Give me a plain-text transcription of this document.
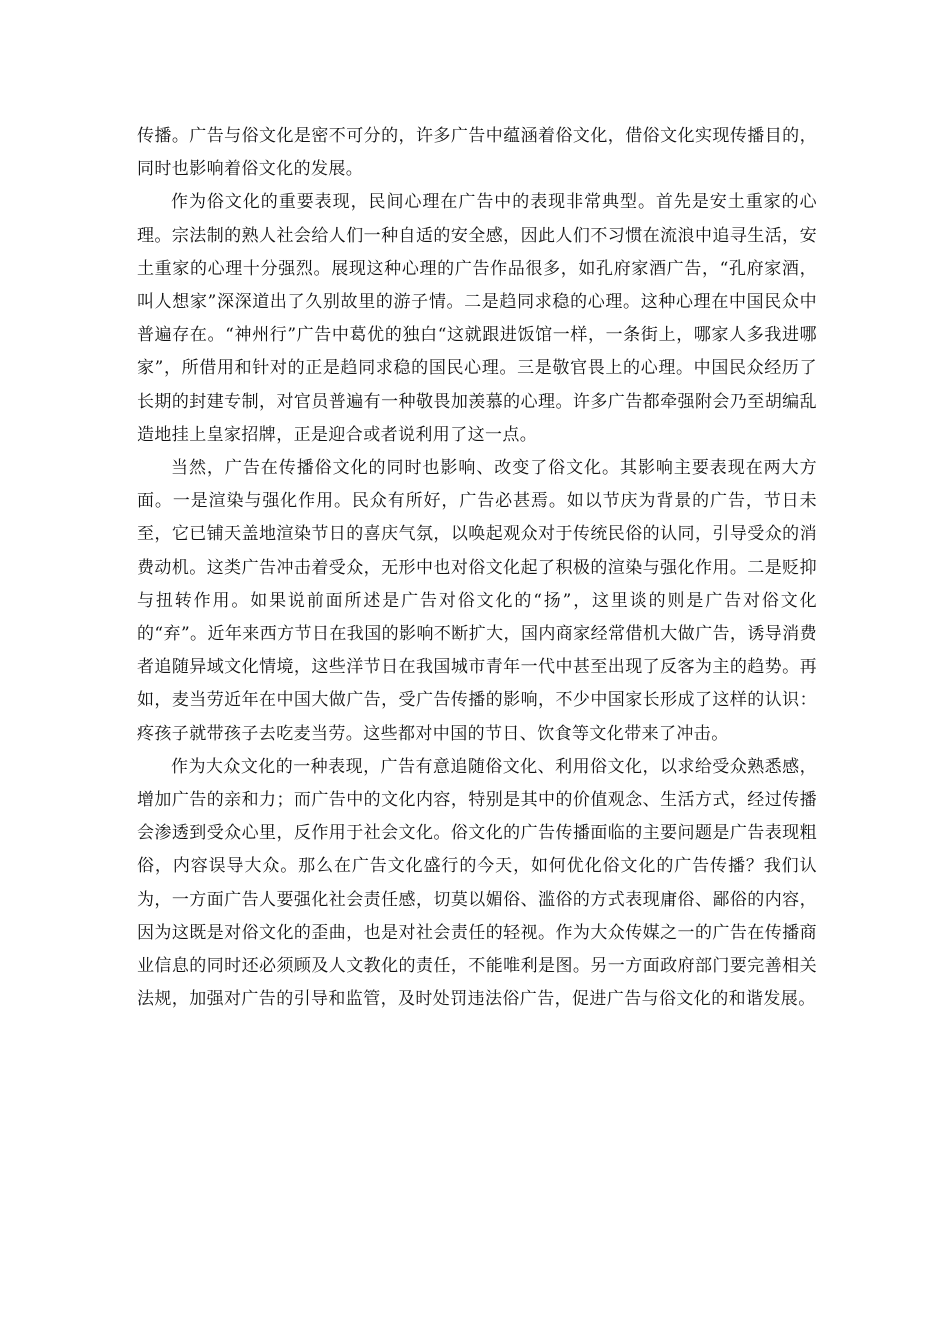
传播。广告与俗文化是密不可分的，许多广告中蕴涵着俗文化，借俗文化实现传播目的，同时也影响着俗文化的发展。

作为俗文化的重要表现，民间心理在广告中的表现非常典型。首先是安土重家的心理。宗法制的熟人社会给人们一种自适的安全感，因此人们不习惯在流浪中追寻生活，安土重家的心理十分强烈。展现这种心理的广告作品很多，如孔府家酒广告，“孔府家酒，叫人想家”深深道出了久别故里的游子情。二是趋同求稳的心理。这种心理在中国民众中普遍存在。“神州行”广告中葛优的独白“这就跟进饭馆一样，一条街上，哪家人多我进哪家”，所借用和针对的正是趋同求稳的国民心理。三是敬官畏上的心理。中国民众经历了长期的封建专制，对官员普遍有一种敬畏加羡慕的心理。许多广告都牵强附会乃至胡编乱造地挂上皇家招牌，正是迎合或者说利用了这一点。

当然，广告在传播俗文化的同时也影响、改变了俗文化。其影响主要表现在两大方面。一是渲染与强化作用。民众有所好，广告必甚焉。如以节庆为背景的广告，节日未至，它已铺天盖地渲染节日的喜庆气氛，以唤起观众对于传统民俗的认同，引导受众的消费动机。这类广告冲击着受众，无形中也对俗文化起了积极的渲染与强化作用。二是贬抑与扭转作用。如果说前面所述是广告对俗文化的“扬”，这里谈的则是广告对俗文化的“弃”。近年来西方节日在我国的影响不断扩大，国内商家经常借机大做广告，诱导消费者追随异域文化情境，这些洋节日在我国城市青年一代中甚至出现了反客为主的趋势。再如，麦当劳近年在中国大做广告，受广告传播的影响，不少中国家长形成了这样的认识：疼孩子就带孩子去吃麦当劳。这些都对中国的节日、饮食等文化带来了冲击。

作为大众文化的一种表现，广告有意追随俗文化、利用俗文化，以求给受众熟悉感，增加广告的亲和力；而广告中的文化内容，特别是其中的价值观念、生活方式，经过传播会渗透到受众心里，反作用于社会文化。俗文化的广告传播面临的主要问题是广告表现粗俗，内容误导大众。那么在广告文化盛行的今天，如何优化俗文化的广告传播？我们认为，一方面广告人要强化社会责任感，切莫以媚俗、滥俗的方式表现庸俗、鄙俗的内容，因为这既是对俗文化的歪曲，也是对社会责任的轻视。作为大众传媒之一的广告在传播商业信息的同时还必须顾及人文教化的责任，不能唯利是图。另一方面政府部门要完善相关法规，加强对广告的引导和监管，及时处罚违法俗广告，促进广告与俗文化的和谐发展。
